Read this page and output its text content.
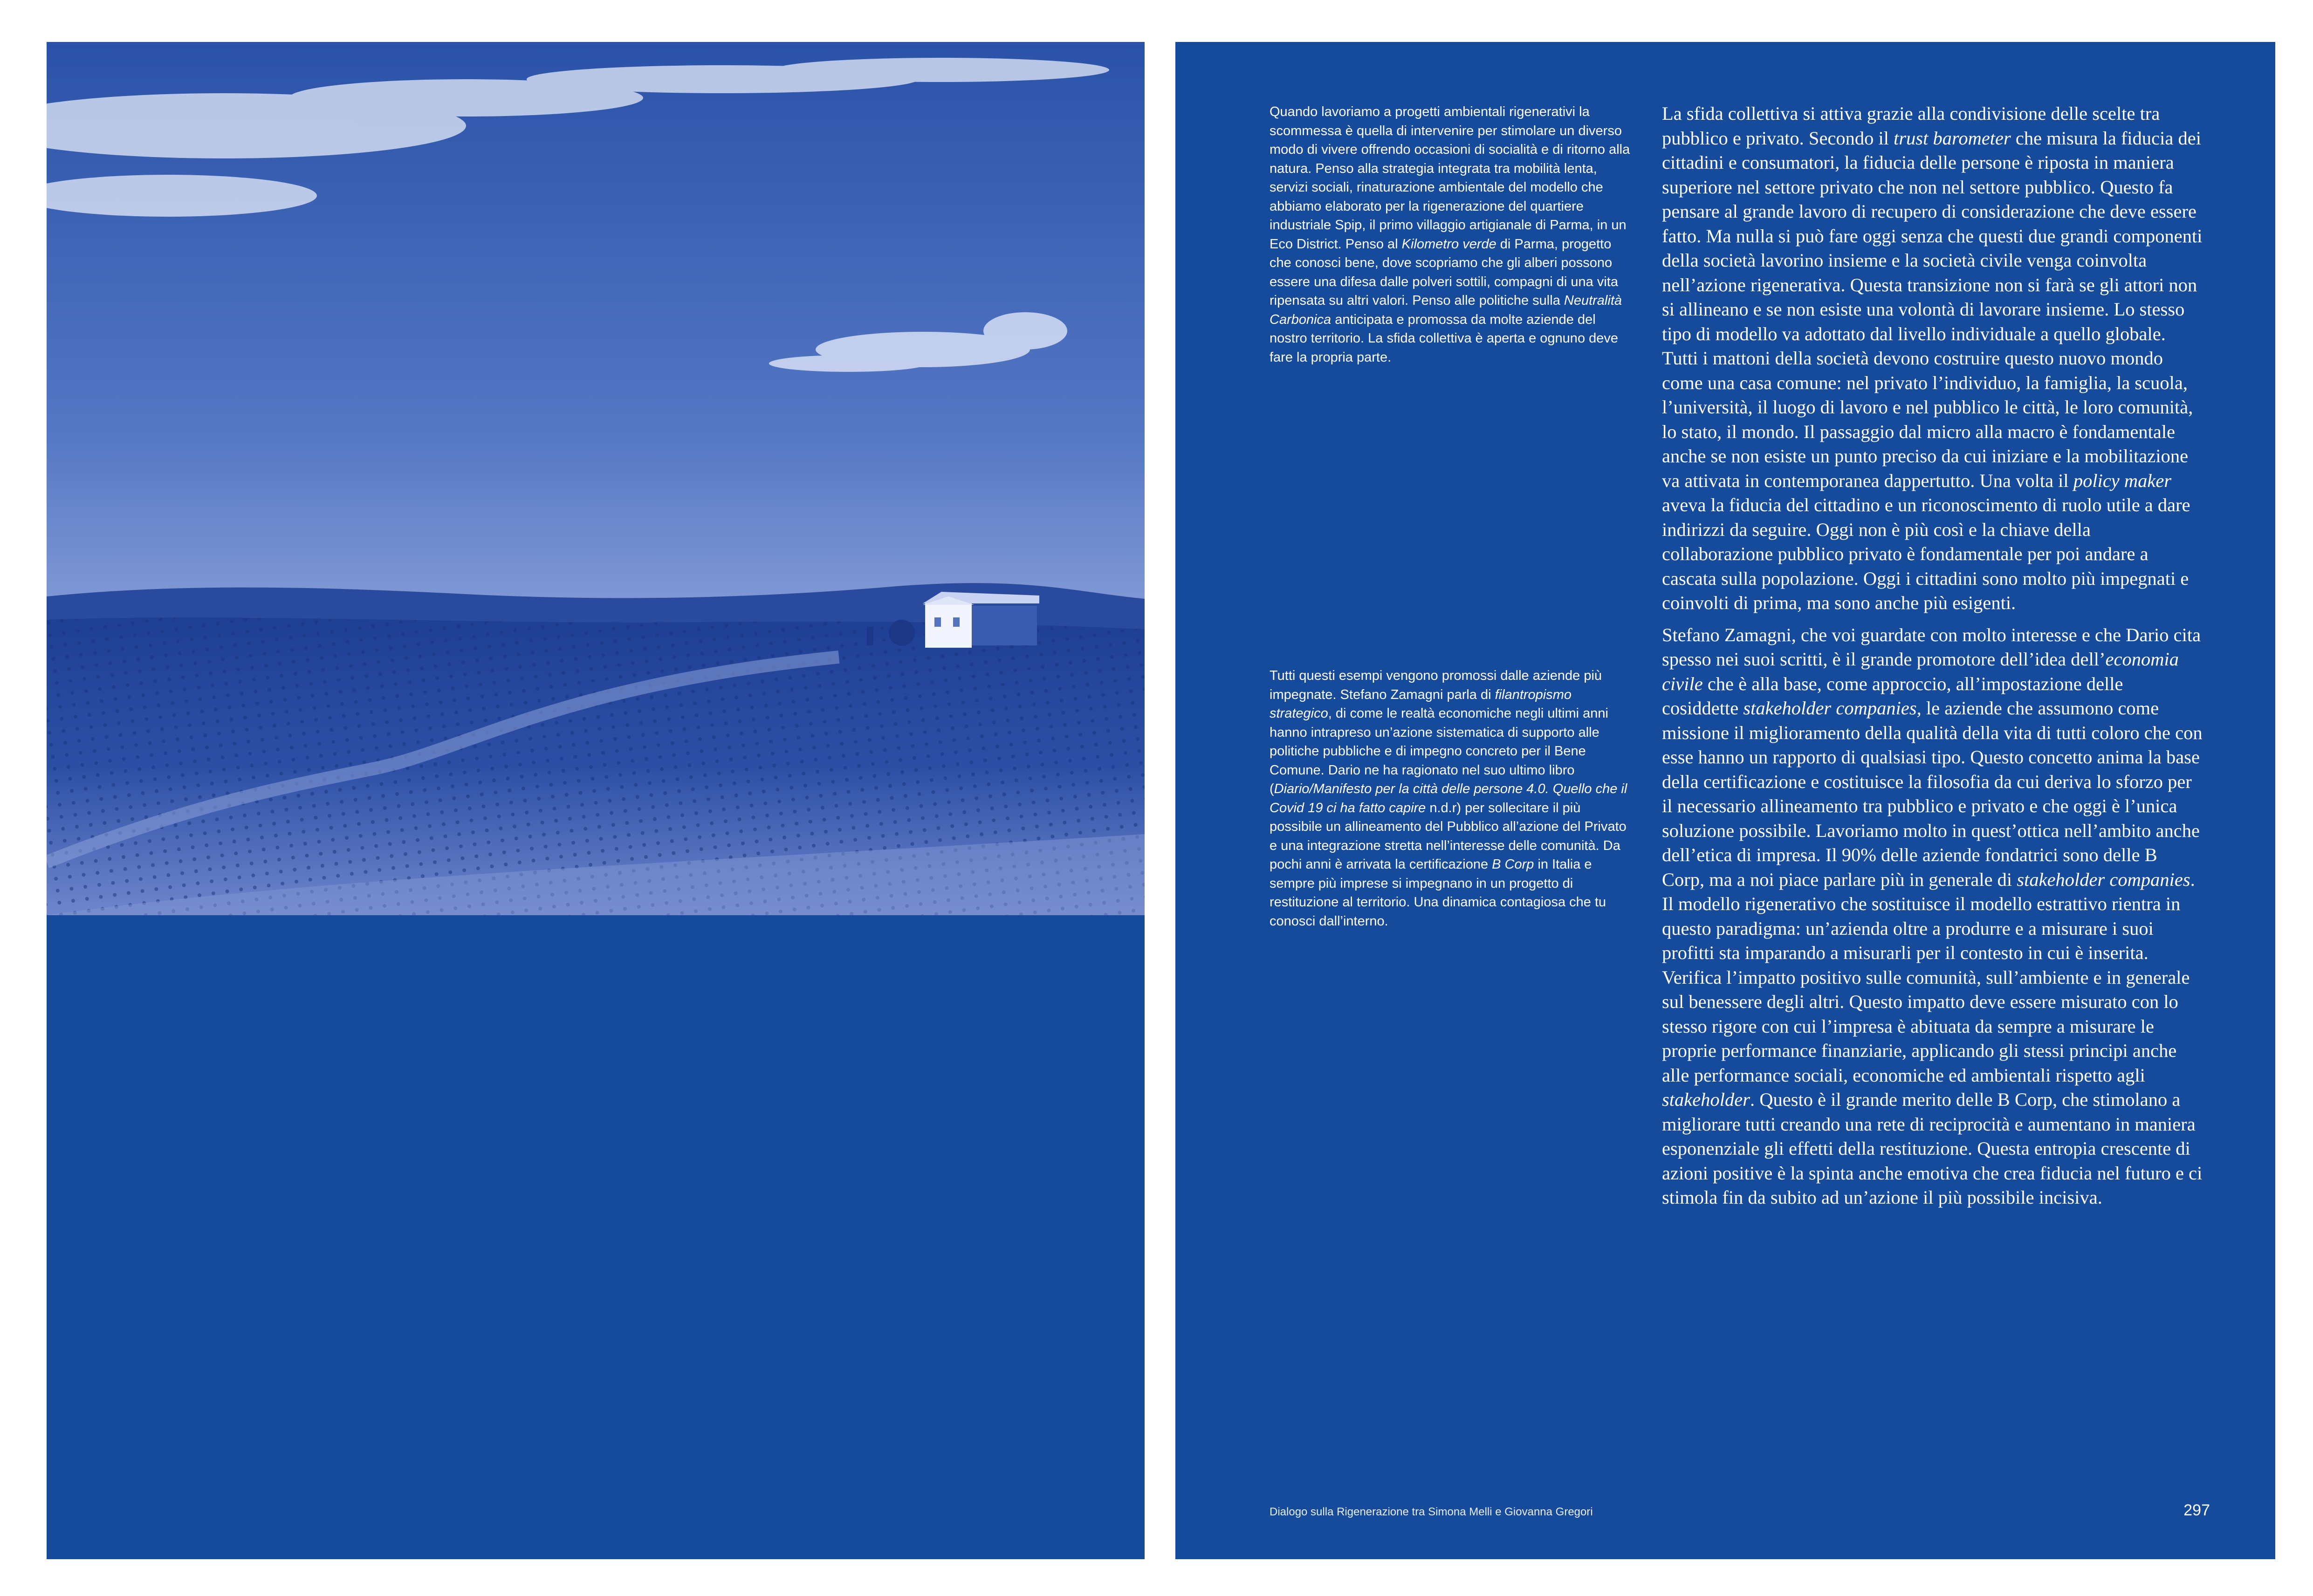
Quando lavoriamo a progetti ambientali rigenerativi la scommessa è quella di intervenire per stimolare un diverso modo di vivere offrendo occasioni di socialità e di ritorno alla natura. Penso alla strategia integrata tra mobilità lenta, servizi sociali, rinaturazione ambientale del modello che abbiamo elaborato per la rigenerazione del quartiere industriale Spip, il primo villaggio artigianale di Parma, in un Eco District. Penso al Kilometro verde di Parma, progetto che conosci bene, dove scopriamo che gli alberi possono essere una difesa dalle polveri sottili, compagni di una vita ripensata su altri valori. Penso alle politiche sulla Neutralità Carbonica anticipata e promossa da molte aziende del nostro territorio. La sfida collettiva è aperta e ognuno deve fare la propria parte.

Tutti questi esempi vengono promossi dalle aziende più impegnate. Stefano Zamagni parla di filantropismo strategico, di come le realtà economiche negli ultimi anni hanno intrapreso un’azione sistematica di supporto alle politiche pubbliche e di impegno concreto per il Bene Comune. Dario ne ha ragionato nel suo ultimo libro (Diario/Manifesto per la città delle persone 4.0. Quello che il Covid 19 ci ha fatto capire n.d.r) per sollecitare il più possibile un allineamento del Pubblico all’azione del Privato e una integrazione stretta nell’interesse delle comunità. Da pochi anni è arrivata la certificazione B Corp in Italia e sempre più imprese si impegnano in un progetto di restituzione al territorio. Una dinamica contagiosa che tu conosci dall’interno.

La sfida collettiva si attiva grazie alla condivisione delle scelte tra pubblico e privato. Secondo il trust barometer che misura la fiducia dei cittadini e consumatori, la fiducia delle persone è riposta in maniera superiore nel settore privato che non nel settore pubblico. Questo fa pensare al grande lavoro di recupero di considerazione che deve essere fatto. Ma nulla si può fare oggi senza che questi due grandi componenti della società lavorino insieme e la società civile venga coinvolta nell’azione rigenerativa. Questa transizione non si farà se gli attori non si allineano e se non esiste una volontà di lavorare insieme. Lo stesso tipo di modello va adottato dal livello individuale a quello globale. Tutti i mattoni della società devono costruire questo nuovo mondo come una casa comune: nel privato l’individuo, la famiglia, la scuola, l’università, il luogo di lavoro e nel pubblico le città, le loro comunità, lo stato, il mondo. Il passaggio dal micro alla macro è fondamentale anche se non esiste un punto preciso da cui iniziare e la mobilitazione va attivata in contemporanea dappertutto. Una volta il policy maker aveva la fiducia del cittadino e un riconoscimento di ruolo utile a dare indirizzi da seguire. Oggi non è più così e la chiave della collaborazione pubblico privato è fondamentale per poi andare a cascata sulla popolazione. Oggi i cittadini sono molto più impegnati e coinvolti di prima, ma sono anche più esigenti.

Stefano Zamagni, che voi guardate con molto interesse e che Dario cita spesso nei suoi scritti, è il grande promotore dell’idea dell’economia civile che è alla base, come approccio, all’impostazione delle cosiddette stakeholder companies, le aziende che assumono come missione il miglioramento della qualità della vita di tutti coloro che con esse hanno un rapporto di qualsiasi tipo. Questo concetto anima la base della certificazione e costituisce la filosofia da cui deriva lo sforzo per il necessario allineamento tra pubblico e privato e che oggi è l’unica soluzione possibile. Lavoriamo molto in quest’ottica nell’ambito anche dell’etica di impresa. Il 90% delle aziende fondatrici sono delle B Corp, ma a noi piace parlare più in generale di stakeholder companies. Il modello rigenerativo che sostituisce il modello estrattivo rientra in questo paradigma: un’azienda oltre a produrre e a misurare i suoi profitti sta imparando a misurarli per il contesto in cui è inserita. Verifica l’impatto positivo sulle comunità, sull’ambiente e in generale sul benessere degli altri. Questo impatto deve essere misurato con lo stesso rigore con cui l’impresa è abituata da sempre a misurare le proprie performance finanziarie, applicando gli stessi principi anche alle performance sociali, economiche ed ambientali rispetto agli stakeholder. Questo è il grande merito delle B Corp, che stimolano a migliorare tutti creando una rete di reciprocità e aumentano in maniera esponenziale gli effetti della restituzione. Questa entropia crescente di azioni positive è la spinta anche emotiva che crea fiducia nel futuro e ci stimola fin da subito ad un’azione il più possibile incisiva.

Dialogo sulla Rigenerazione tra Simona Melli e Giovanna Gregori	297
